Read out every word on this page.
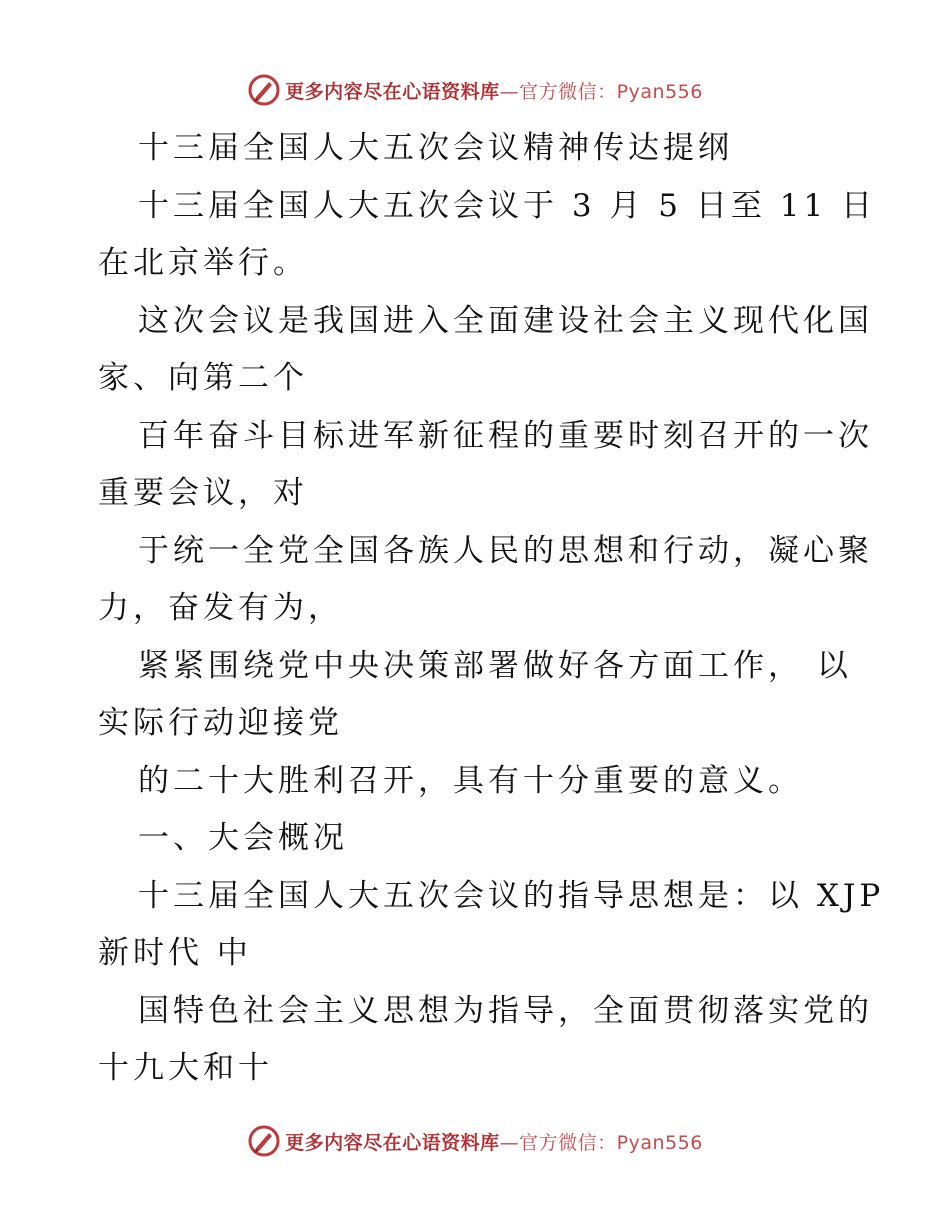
更多内容尽在心语资料库—官方微信：Pyan556

十三届全国人大五次会议精神传达提纲

十三届全国人大五次会议于 3 月 5 日至 11 日
在北京举行。

这次会议是我国进入全面建设社会主义现代化国
家、向第二个

百年奋斗目标进军新征程的重要时刻召开的一次
重要会议，对

于统一全党全国各族人民的思想和行动，凝心聚
力，奋发有为，

紧紧围绕党中央决策部署做好各方面工作， 以
实际行动迎接党

的二十大胜利召开，具有十分重要的意义。

一、大会概况

十三届全国人大五次会议的指导思想是：以 XJP
新时代 中

国特色社会主义思想为指导，全面贯彻落实党的
十九大和十

更多内容尽在心语资料库—官方微信：Pyan556
